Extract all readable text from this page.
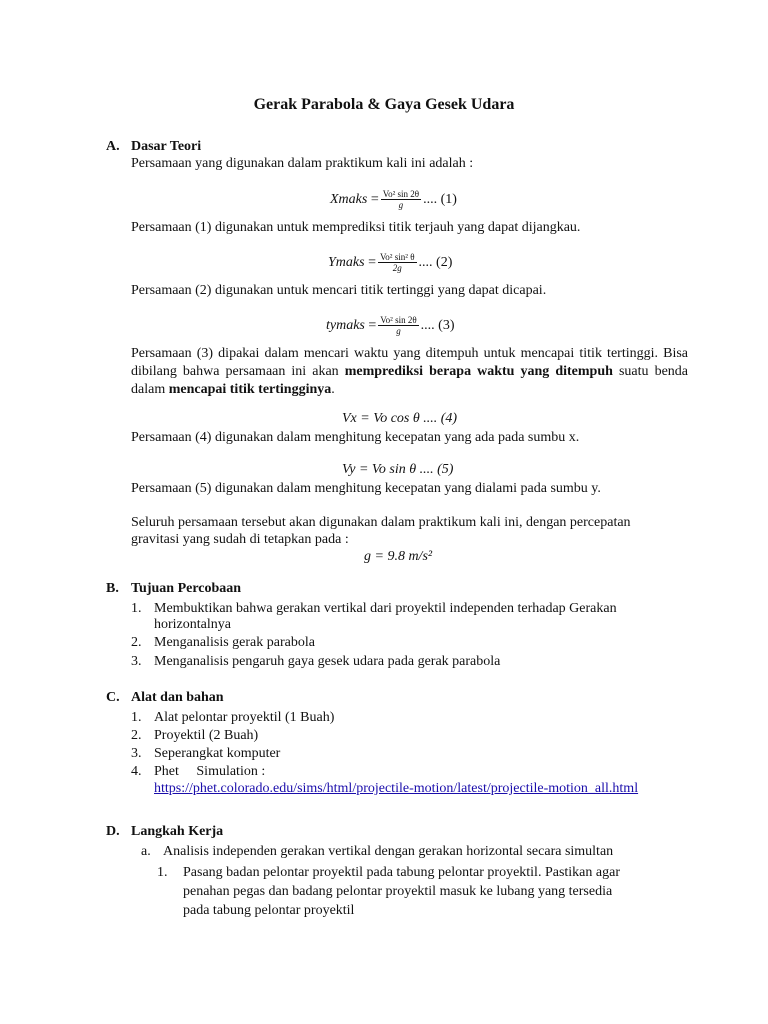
Gerak Parabola & Gaya Gesek Udara
A. Dasar Teori
Persamaan yang digunakan dalam praktikum kali ini adalah :
Xmaks = $\frac{\text{Vo² sin 2θ}}{g}$ .... (1)
Persamaan (1) digunakan untuk memprediksi titik terjauh yang dapat dijangkau.
Ymaks = $\frac{\text{Vo² sin² θ}}{2g}$ .... (2)
Persamaan (2) digunakan untuk mencari titik tertinggi yang dapat dicapai.
tymaks = $\frac{\text{Vo² sin 2θ}}{g}$ .... (3)
Persamaan (3) dipakai dalam mencari waktu yang ditempuh untuk mencapai titik tertinggi. Bisa dibilang bahwa persamaan ini akan memprediksi berapa waktu yang ditempuh suatu benda dalam mencapai titik tertingginya.
Vx = Vo cos θ .... (4)
Persamaan (4) digunakan dalam menghitung kecepatan yang ada pada sumbu x.
Vy = Vo sin θ .... (5)
Persamaan (5) digunakan dalam menghitung kecepatan yang dialami pada sumbu y.
Seluruh persamaan tersebut akan digunakan dalam praktikum kali ini, dengan percepatan
gravitasi yang sudah di tetapkan pada :
g = 9.8 m/s²
B. Tujuan Percobaan
1. Membuktikan bahwa gerakan vertikal dari proyektil independen terhadap Gerakan
horizontalnya
2. Menganalisis gerak parabola
3. Menganalisis pengaruh gaya gesek udara pada gerak parabola
C. Alat dan bahan
1. Alat pelontar proyektil (1 Buah)
2. Proyektil (2 Buah)
3. Seperangkat komputer
4. Phet     Simulation :
https://phet.colorado.edu/sims/html/projectile-motion/latest/projectile-motion_all.html
D. Langkah Kerja
a. Analisis independen gerakan vertikal dengan gerakan horizontal secara simultan
1. Pasang badan pelontar proyektil pada tabung pelontar proyektil. Pastikan agar
penahan pegas dan badang pelontar proyektil masuk ke lubang yang tersedia
pada tabung pelontar proyektil
